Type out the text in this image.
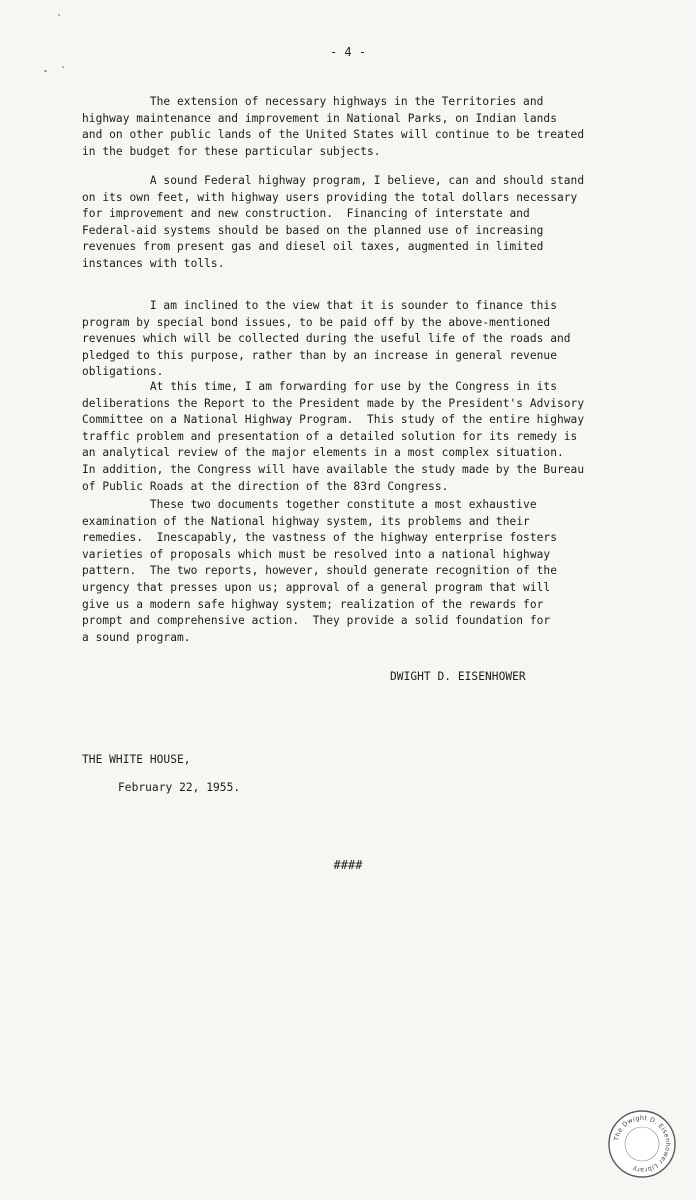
- 4 -

The extension of necessary highways in the Territories and
highway maintenance and improvement in National Parks, on Indian lands
and on other public lands of the United States will continue to be treated
in the budget for these particular subjects.

A sound Federal highway program, I believe, can and should stand
on its own feet, with highway users providing the total dollars necessary
for improvement and new construction.  Financing of interstate and
Federal-aid systems should be based on the planned use of increasing
revenues from present gas and diesel oil taxes, augmented in limited
instances with tolls.

I am inclined to the view that it is sounder to finance this
program by special bond issues, to be paid off by the above-mentioned
revenues which will be collected during the useful life of the roads and
pledged to this purpose, rather than by an increase in general revenue
obligations.

At this time, I am forwarding for use by the Congress in its
deliberations the Report to the President made by the President's Advisory
Committee on a National Highway Program.  This study of the entire highway
traffic problem and presentation of a detailed solution for its remedy is
an analytical review of the major elements in a most complex situation.
In addition, the Congress will have available the study made by the Bureau
of Public Roads at the direction of the 83rd Congress.

These two documents together constitute a most exhaustive
examination of the National highway system, its problems and their
remedies.  Inescapably, the vastness of the highway enterprise fosters
varieties of proposals which must be resolved into a national highway
pattern.  The two reports, however, should generate recognition of the
urgency that presses upon us; approval of a general program that will
give us a modern safe highway system; realization of the rewards for
prompt and comprehensive action.  They provide a solid foundation for
a sound program.

DWIGHT D. EISENHOWER
THE WHITE HOUSE,
February 22, 1955.
####
The Dwight D. Eisenhower Library
